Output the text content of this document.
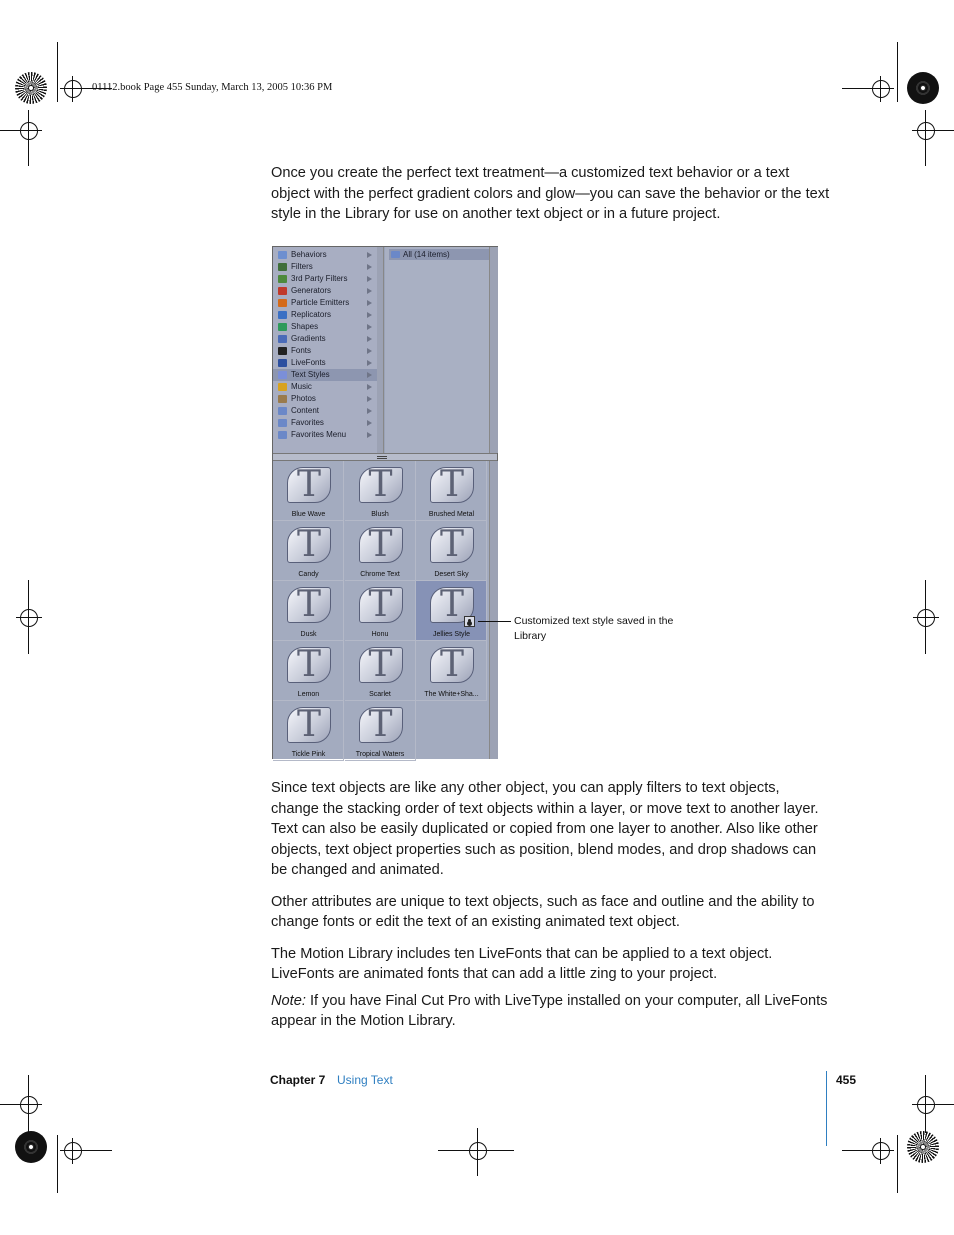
01112.book Page 455 Sunday, March 13, 2005 10:36 PM

Once you create the perfect text treatment—a customized text behavior or a text object with the perfect gradient colors and glow—you can save the behavior or the text style in the Library for use on another text object or in a future project.

Behaviors
Filters
3rd Party Filters
Generators
Particle Emitters
Replicators
Shapes
Gradients
Fonts
LiveFonts
Text Styles
Music
Photos
Content
Favorites
Favorites Menu
All (14 items)
T
Blue Wave
T
Blush
T
Brushed Metal
T
Candy
T
Chrome Text
T
Desert Sky
T
Dusk
T
Honu
T
Jellies Style
T
Lemon
T
Scarlet
T
The White+Sha...
T
Tickle Pink
T
Tropical Waters
Customized text style saved in the Library

Since text objects are like any other object, you can apply filters to text objects, change the stacking order of text objects within a layer, or move text to another layer. Text can also be easily duplicated or copied from one layer to another. Also like other objects, text object properties such as position, blend modes, and drop shadows can be changed and animated.

Other attributes are unique to text objects, such as face and outline and the ability to change fonts or edit the text of an existing animated text object.

The Motion Library includes ten LiveFonts that can be applied to a text object. LiveFonts are animated fonts that can add a little zing to your project.

Note: If you have Final Cut Pro with LiveType installed on your computer, all LiveFonts appear in the Motion Library.

Chapter 7 Using Text	455
